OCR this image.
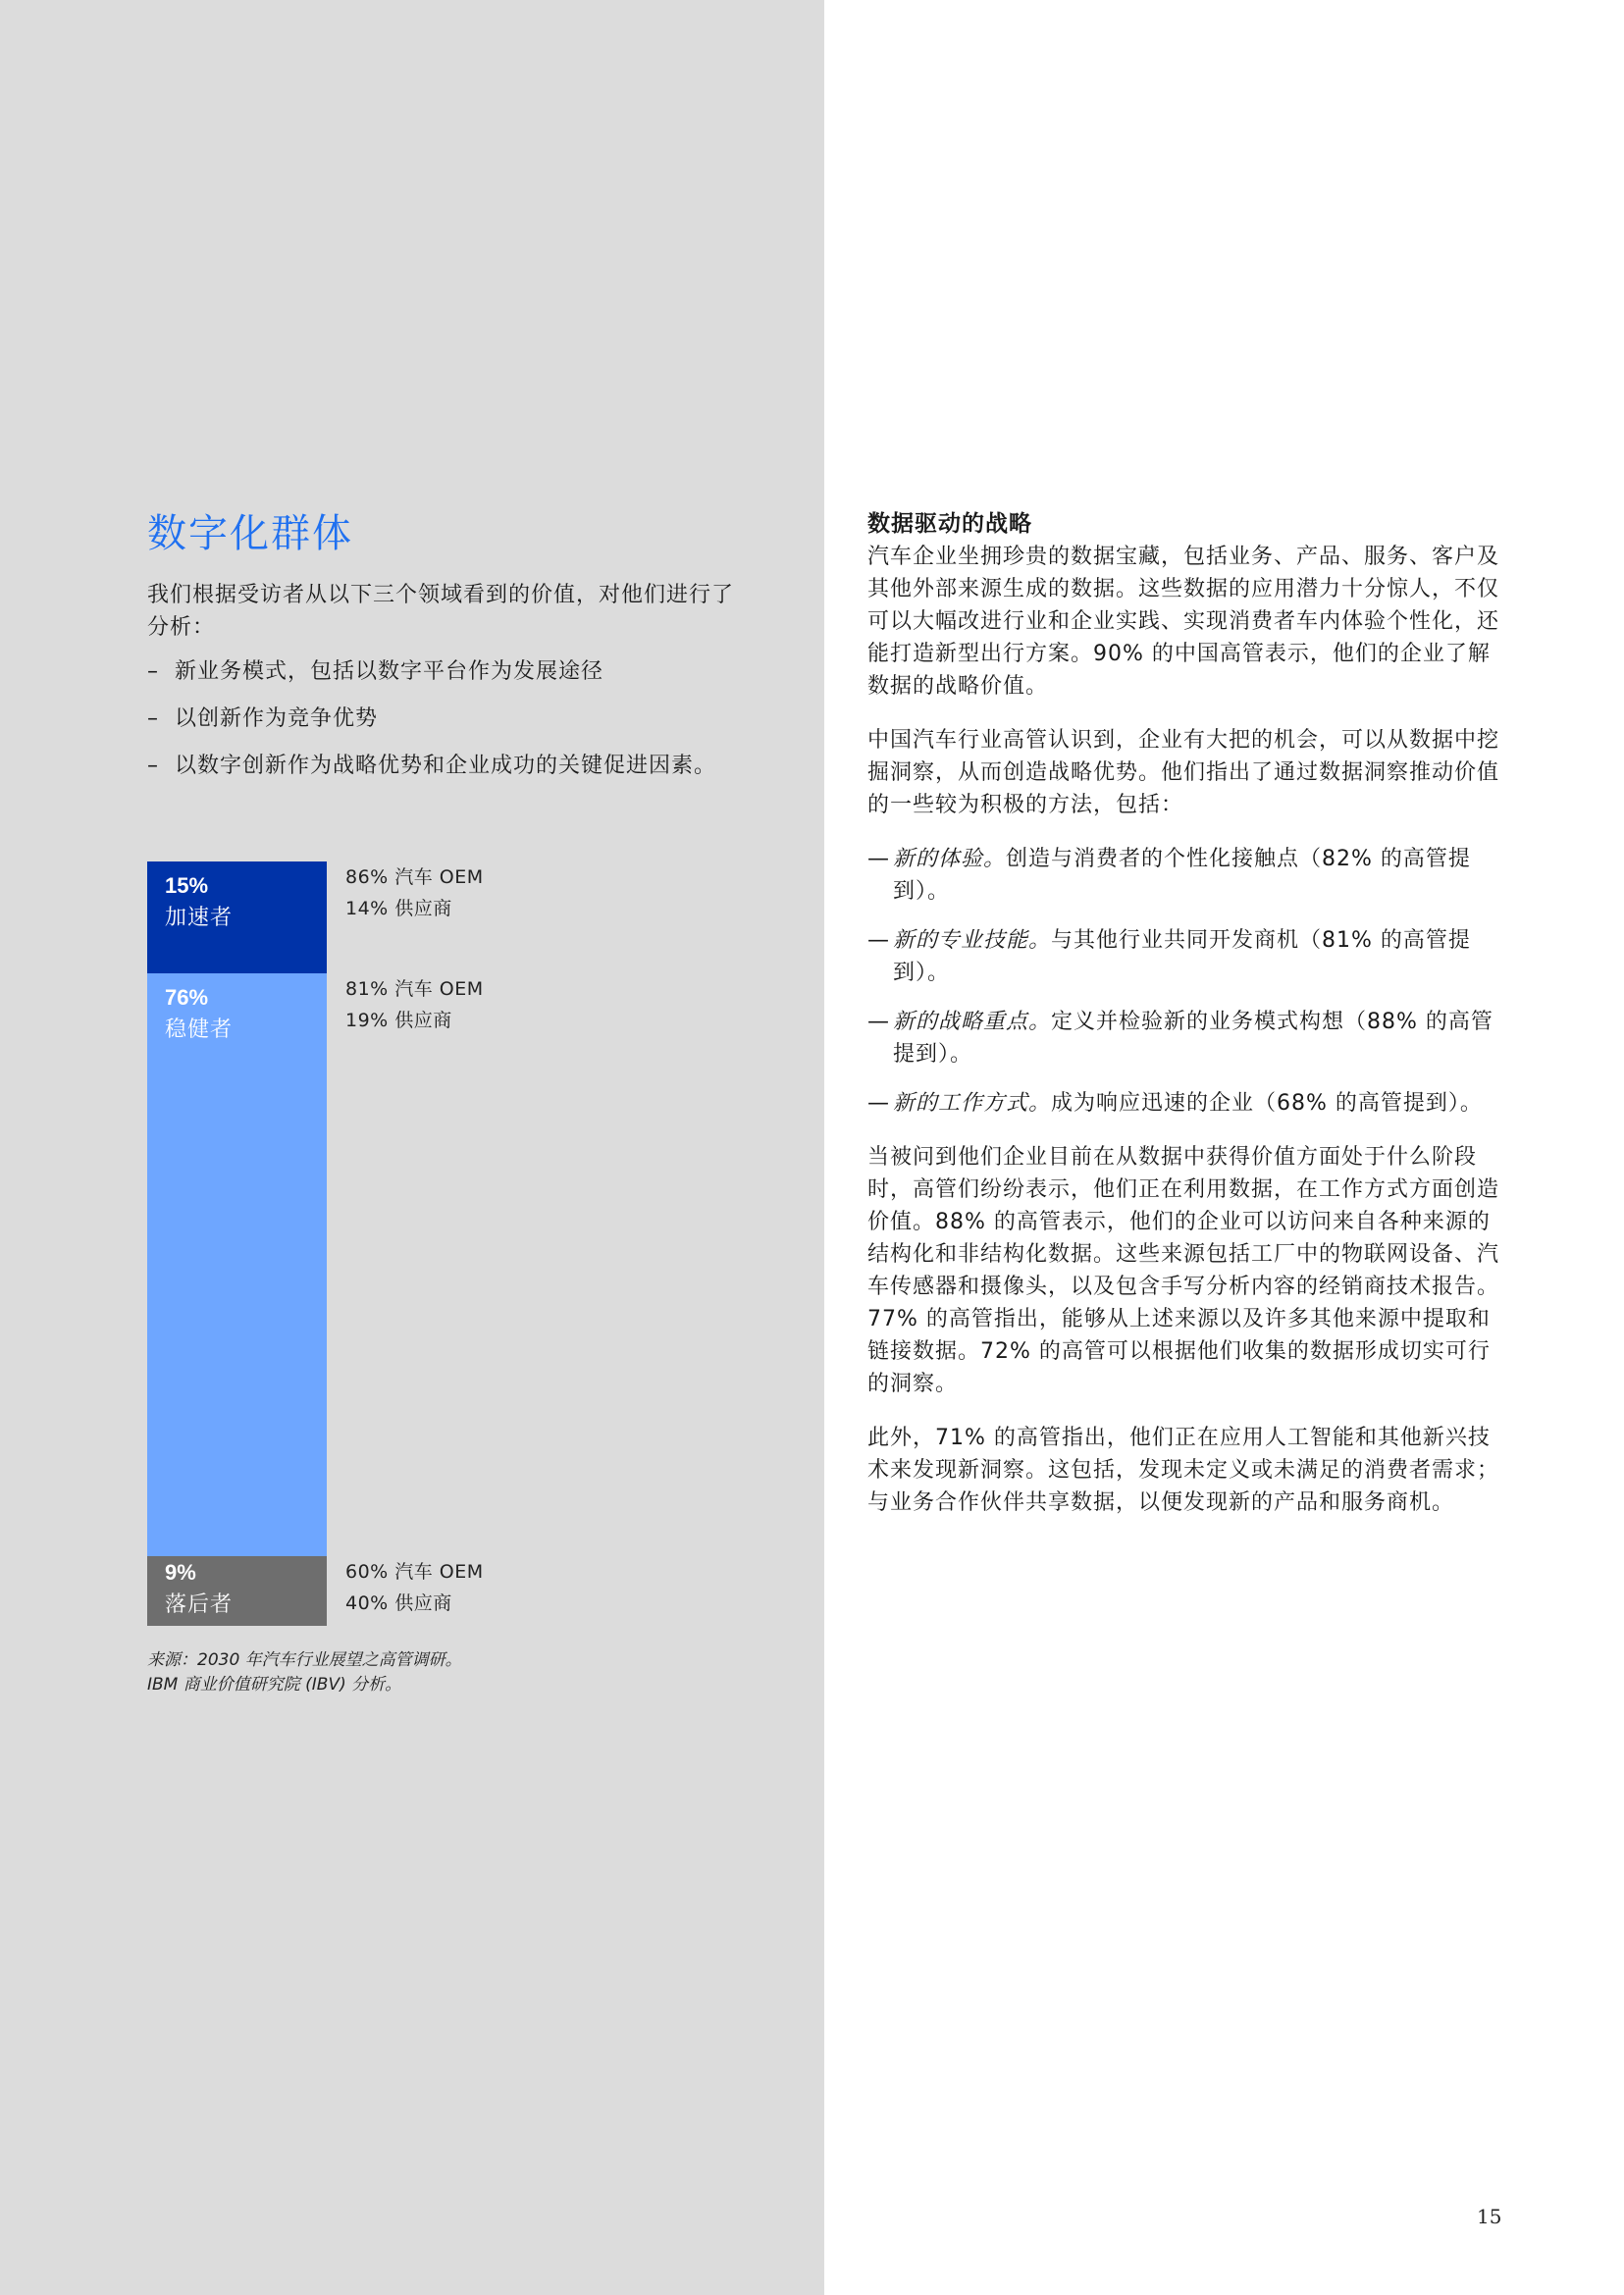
数字化群体

我们根据受访者从以下三个领域看到的价值，对他们进行了分析：

– 新业务模式，包括以数字平台作为发展途径
– 以创新作为竞争优势
– 以数字创新作为战略优势和企业成功的关键促进因素。
15%
加速者
76%
稳健者
9%
落后者
86% 汽车 OEM
14% 供应商
81% 汽车 OEM
19% 供应商
60% 汽车 OEM
40% 供应商
来源：2030 年汽车行业展望之高管调研。
IBM 商业价值研究院 (IBV) 分析。
数据驱动的战略

汽车企业坐拥珍贵的数据宝藏，包括业务、产品、服务、客户及其他外部来源生成的数据。这些数据的应用潜力十分惊人，不仅可以大幅改进行业和企业实践、实现消费者车内体验个性化，还能打造新型出行方案。90% 的中国高管表示，他们的企业了解数据的战略价值。

中国汽车行业高管认识到，企业有大把的机会，可以从数据中挖掘洞察，从而创造战略优势。他们指出了通过数据洞察推动价值的一些较为积极的方法，包括：

— 新的体验。创造与消费者的个性化接触点（82% 的高管提到）。
— 新的专业技能。与其他行业共同开发商机（81% 的高管提到）。
— 新的战略重点。定义并检验新的业务模式构想（88% 的高管提到）。
— 新的工作方式。成为响应迅速的企业（68% 的高管提到）。

当被问到他们企业目前在从数据中获得价值方面处于什么阶段时，高管们纷纷表示，他们正在利用数据，在工作方式方面创造价值。88% 的高管表示，他们的企业可以访问来自各种来源的结构化和非结构化数据。这些来源包括工厂中的物联网设备、汽车传感器和摄像头，以及包含手写分析内容的经销商技术报告。77% 的高管指出，能够从上述来源以及许多其他来源中提取和链接数据。72% 的高管可以根据他们收集的数据形成切实可行的洞察。

此外，71% 的高管指出，他们正在应用人工智能和其他新兴技术来发现新洞察。这包括，发现未定义或未满足的消费者需求；与业务合作伙伴共享数据，以便发现新的产品和服务商机。

15
